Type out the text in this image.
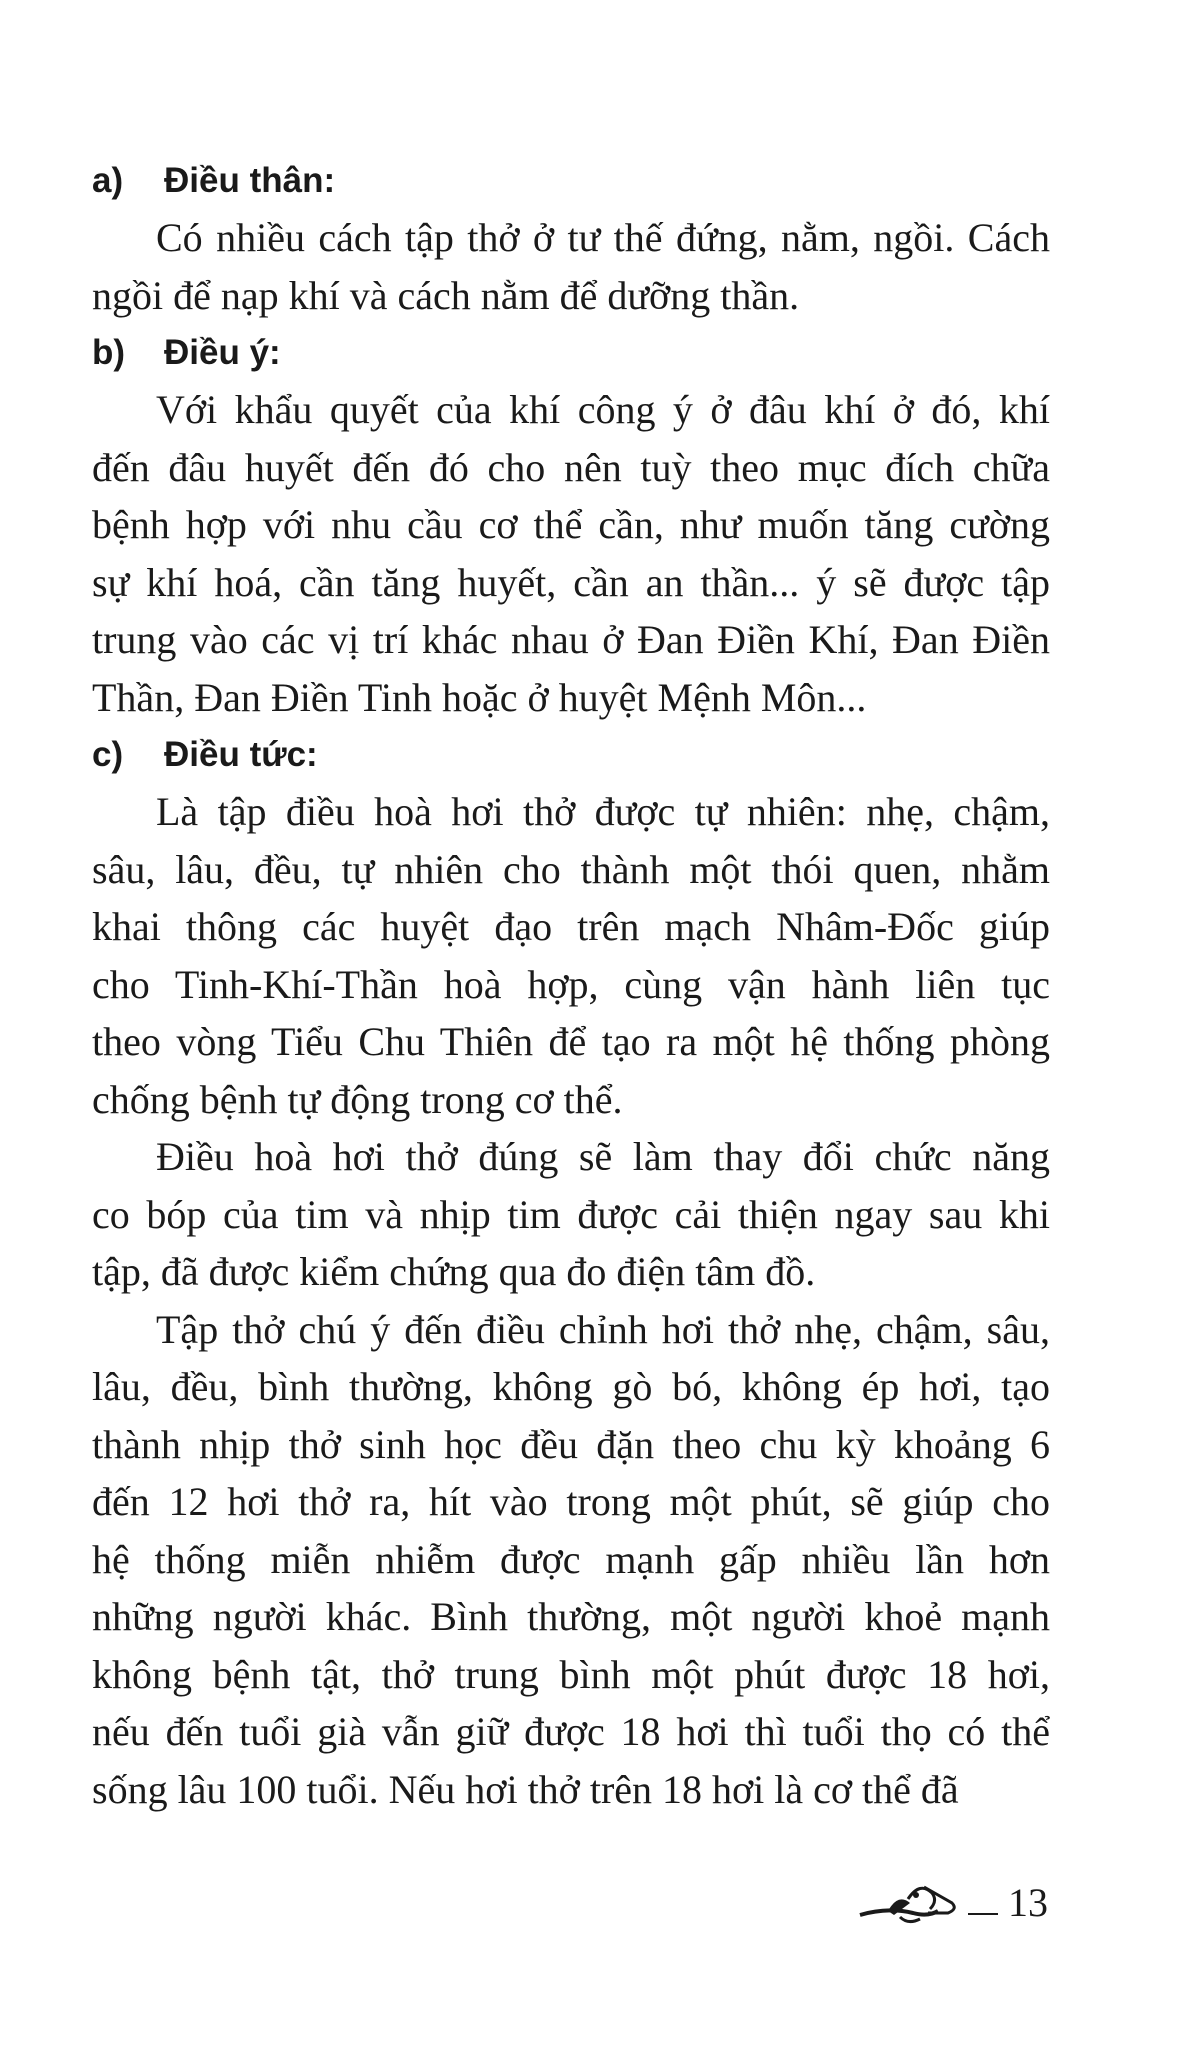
a) Điều thân:

Có nhiều cách tập thở ở tư thế đứng, nằm, ngồi. Cách

ngồi để nạp khí và cách nằm để dưỡng thần.

b) Điều ý:

Với khẩu quyết của khí công ý ở đâu khí ở đó, khí

đến đâu huyết đến đó cho nên tuỳ theo mục đích chữa

bệnh hợp với nhu cầu cơ thể cần, như muốn tăng cường

sự khí hoá, cần tăng huyết, cần an thần... ý sẽ được tập

trung vào các vị trí khác nhau ở Đan Điền Khí, Đan Điền

Thần, Đan Điền Tinh hoặc ở huyệt Mệnh Môn...

c) Điều tức:

Là tập điều hoà hơi thở được tự nhiên: nhẹ, chậm,

sâu, lâu, đều, tự nhiên cho thành một thói quen, nhằm

khai thông các huyệt đạo trên mạch Nhâm-Đốc giúp

cho Tinh-Khí-Thần hoà hợp, cùng vận hành liên tục

theo vòng Tiểu Chu Thiên để tạo ra một hệ thống phòng

chống bệnh tự động trong cơ thể.

Điều hoà hơi thở đúng sẽ làm thay đổi chức năng

co bóp của tim và nhịp tim được cải thiện ngay sau khi

tập, đã được kiểm chứng qua đo điện tâm đồ.

Tập thở chú ý đến điều chỉnh hơi thở nhẹ, chậm, sâu,

lâu, đều, bình thường, không gò bó, không ép hơi, tạo

thành nhịp thở sinh học đều đặn theo chu kỳ khoảng 6

đến 12 hơi thở ra, hít vào trong một phút, sẽ giúp cho

hệ thống miễn nhiễm được mạnh gấp nhiều lần hơn

những người khác. Bình thường, một người khoẻ mạnh

không bệnh tật, thở trung bình một phút được 18 hơi,

nếu đến tuổi già vẫn giữ được 18 hơi thì tuổi thọ có thể

sống lâu 100 tuổi. Nếu hơi thở trên 18 hơi là cơ thể đã

13
